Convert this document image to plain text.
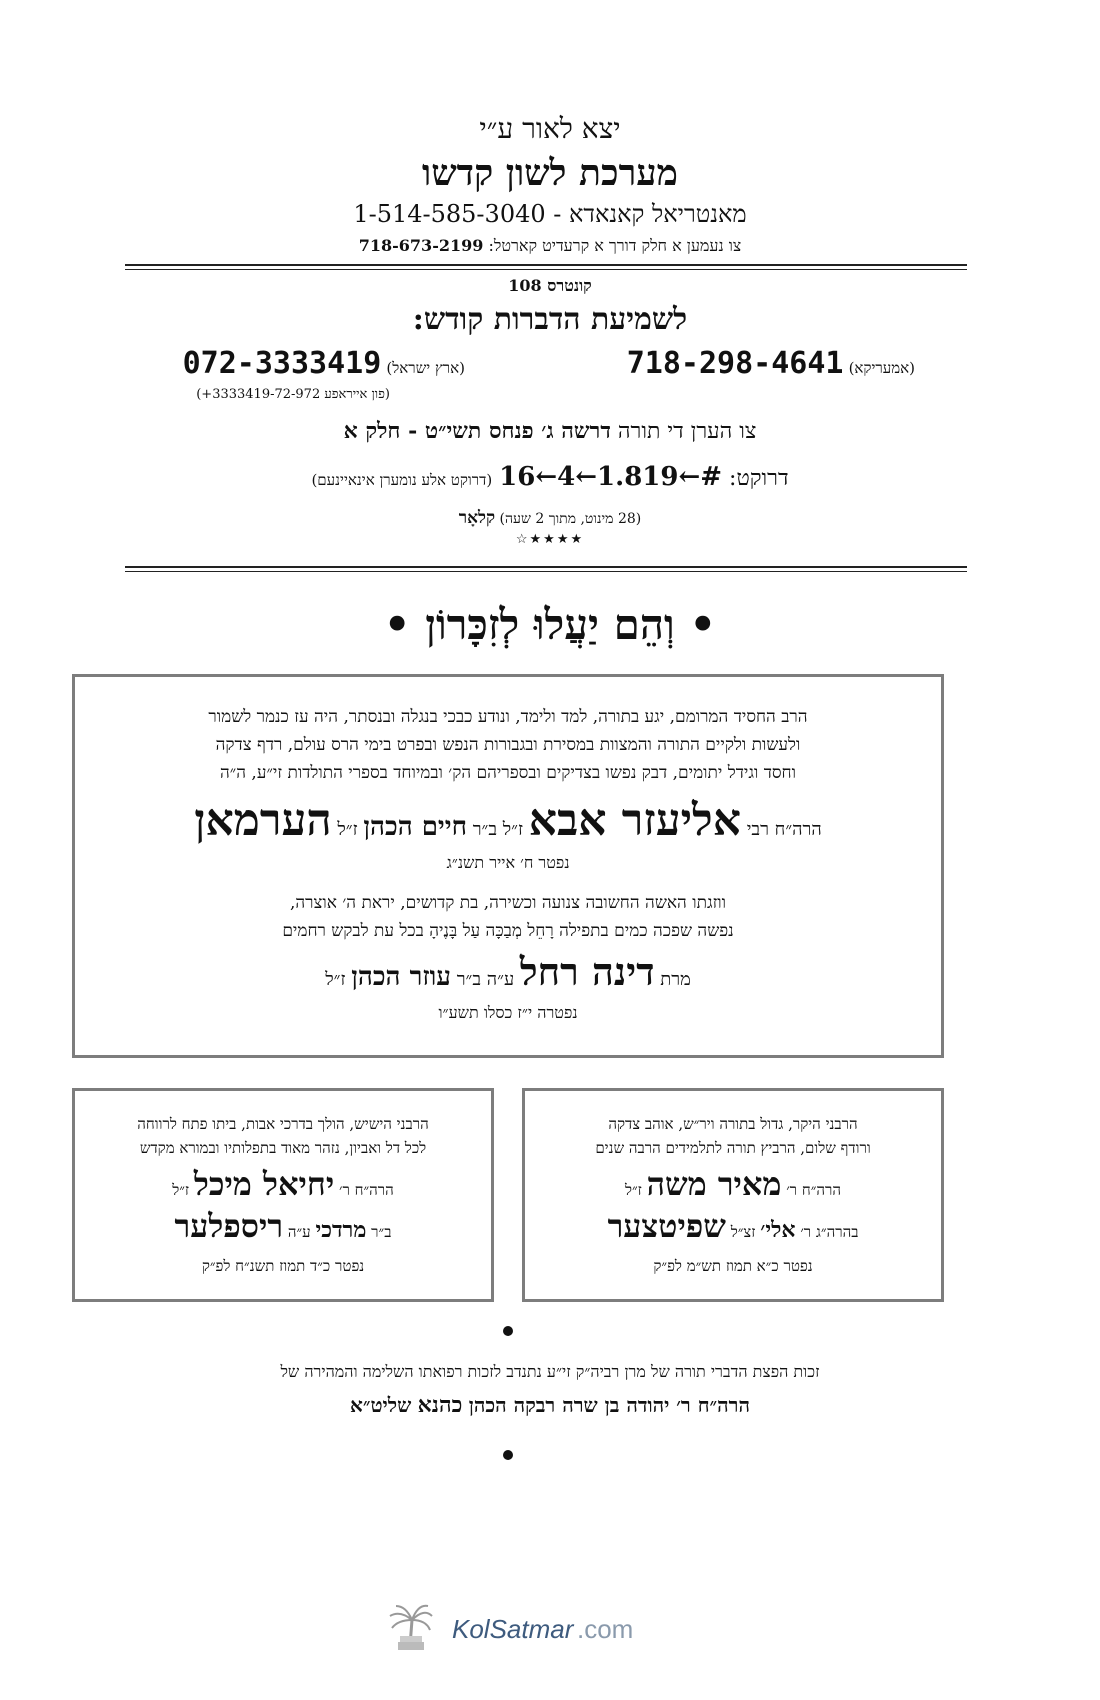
יצא לאור ע״י
מערכת לשון קדשו
מאנטריאל קאנאדא - 1-514-585-3040
צו נעמען א חלק דורך א קרעדיט קארטל: 718-673-2199
קונטרס 108
לשמיעת הדברות קודש:
(אמעריקא) 718-298-4641
(ארץ ישראל) 072-3333419
(פון אייראפע 3333419-72-972+)
צו הערן די תורה דרשה ג׳ פנחס תשי״ט - חלק א
דרוקט: #←1.819←4←16 (דרוקט אלע נומערן אינאיינעם)
(28 מינוט, מתוך 2 שעה) קלאָר
★★★★☆
• וְהֵם יַעֲלוּ לְזִכָּרוֹן •
הרב החסיד המרומם, יגע בתורה, למד ולימד, ונודע כבכי בנגלה ובנסתר, היה עז כנמר לשמור
ולעשות ולקיים התורה והמצוות במסירת ובגבורות הנפש ובפרט בימי הרס עולם, רדף צדקה
וחסד וגידל יתומים, דבק נפשו בצדיקים ובספריהם הק׳ ובמיוחד בספרי התולדות זי״ע, ה״ה
הרה״ח רבי אליעזר אבא ז״ל ב״ר חיים הכהן ז״ל הערמאן
נפטר ח׳ אייר תשנ״ג
ווזגתו האשה החשובה צנועה וכשירה, בת קדושים, יראת ה׳ אוצרה,
נפשה שפכה כמים בתפילה רָחֵל מְבַכָּה עַל בָּנֶיהָ בכל עת לבקש רחמים
מרת דינה רחל ע״ה ב״ר עוזר הכהן ז״ל
נפטרה י״ז כסלו תשע״ו
הרבני היקר, גדול בתורה ויר״ש, אוהב צדקה
ורודף שלום, הרביץ תורה לתלמידים הרבה שנים
הרה״ח ר׳ מאיר משה ז״ל
בהרה״ג ר׳ אלי׳ זצ״ל שפיטצער
נפטר כ״א תמוז תש״מ לפ״ק
הרבני הישיש, הולך בדרכי אבות, ביתו פתח לרווחה
לכל דל ואביון, נזהר מאוד בתפלותיו ובמורא מקדש
הרה״ח ר׳ יחיאל מיכל ז״ל
ב״ר מרדכי ע״ה ריספלער
נפטר כ״ד תמוז תשנ״ח לפ״ק
זכות הפצת הדברי תורה של מרן רביה״ק זי״ע נתנדב לזכות רפואתו השלימה והמהירה של
הרה״ח ר׳ יהודה בן שרה רבקה הכהן כהנא שליט״א
KolSatmar .com
